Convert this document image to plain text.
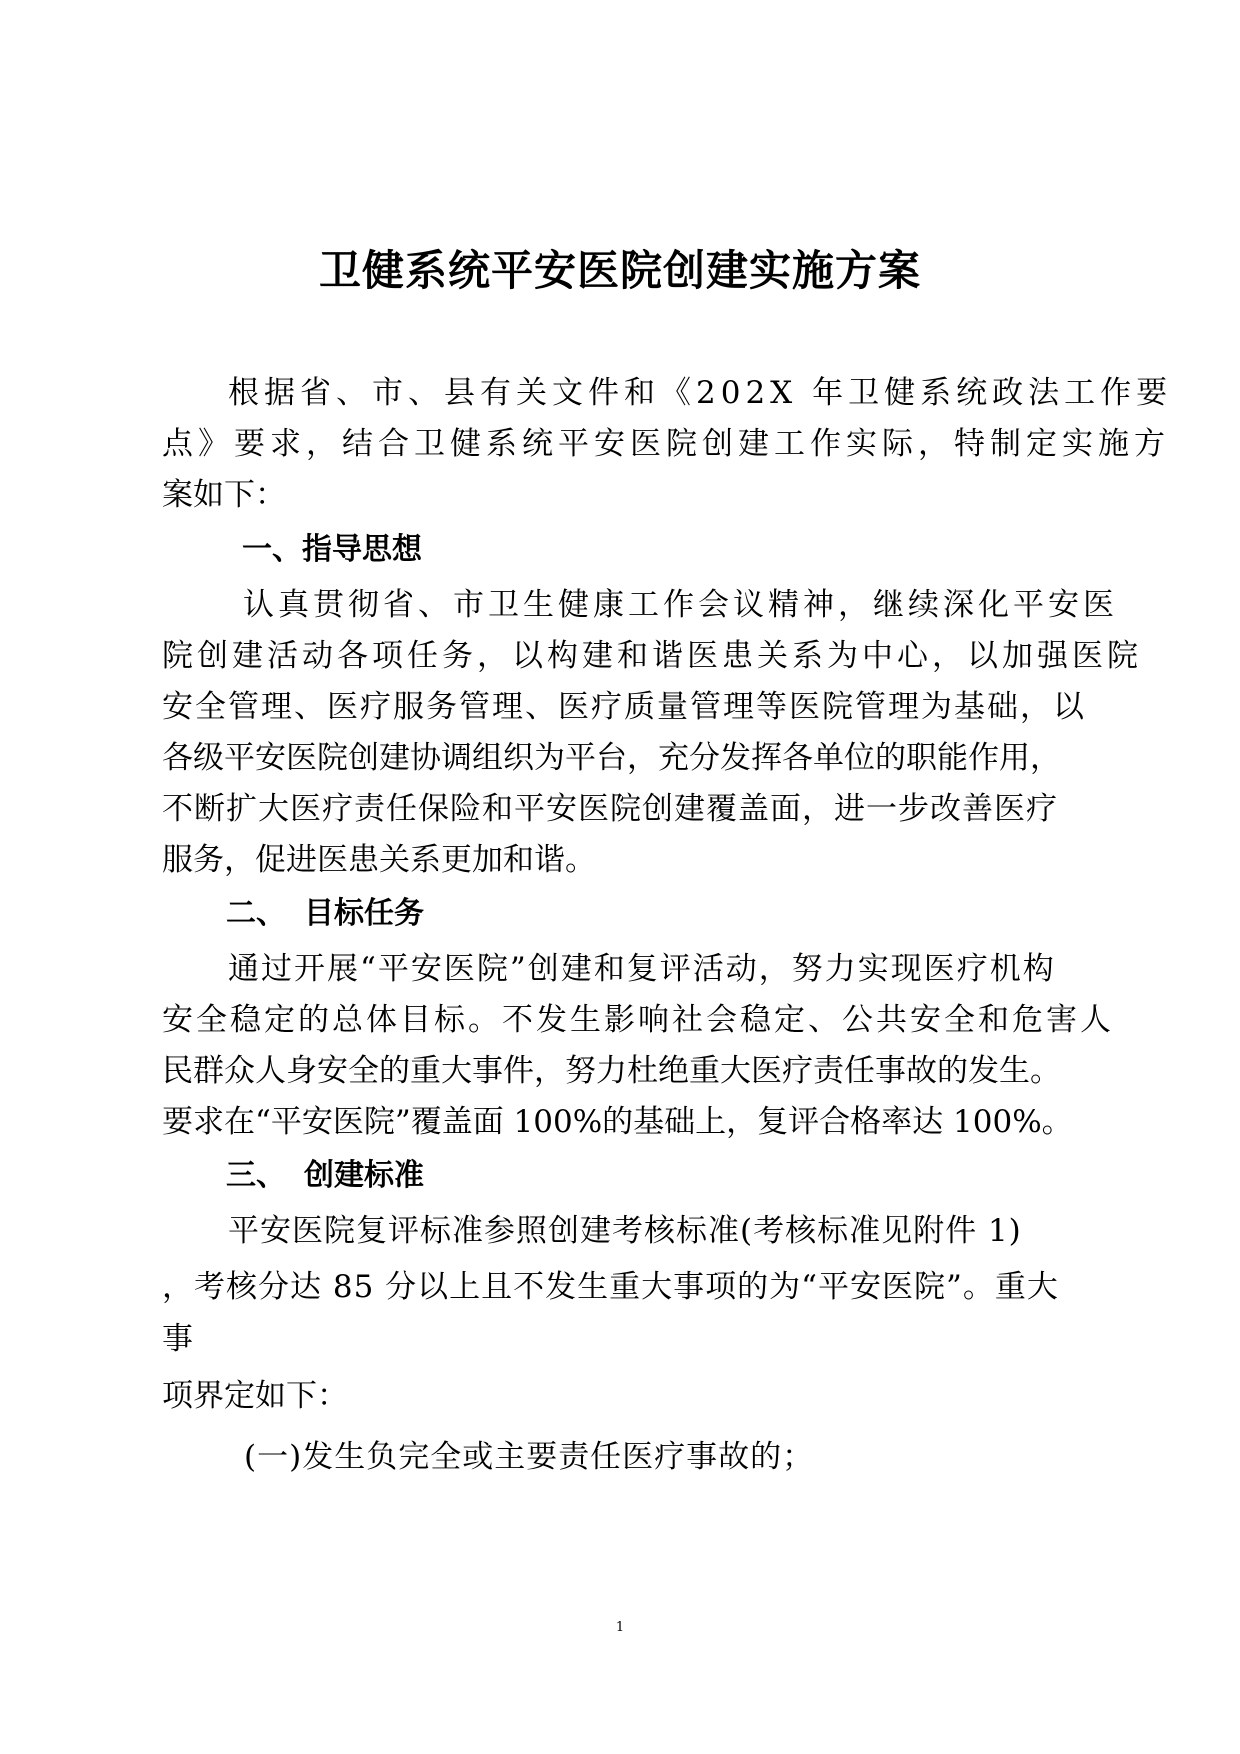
卫健系统平安医院创建实施方案

根据省、市、县有关文件和《202X 年卫健系统政法工作要

点》要求，结合卫健系统平安医院创建工作实际，特制定实施方

案如下：

一、指导思想

认真贯彻省、市卫生健康工作会议精神，继续深化平安医

院创建活动各项任务，以构建和谐医患关系为中心，以加强医院

安全管理、医疗服务管理、医疗质量管理等医院管理为基础，以

各级平安医院创建协调组织为平台，充分发挥各单位的职能作用，

不断扩大医疗责任保险和平安医院创建覆盖面，进一步改善医疗

服务，促进医患关系更加和谐。

二、 目标任务

通过开展“平安医院”创建和复评活动，努力实现医疗机构

安全稳定的总体目标。不发生影响社会稳定、公共安全和危害人

民群众人身安全的重大事件，努力杜绝重大医疗责任事故的发生。

要求在“平安医院”覆盖面 100%的基础上，复评合格率达 100%。

三、 创建标准

平安医院复评标准参照创建考核标准(考核标准见附件 1)

，考核分达 85 分以上且不发生重大事项的为“平安医院”。重大

事

项界定如下：

(一)发生负完全或主要责任医疗事故的；

1
